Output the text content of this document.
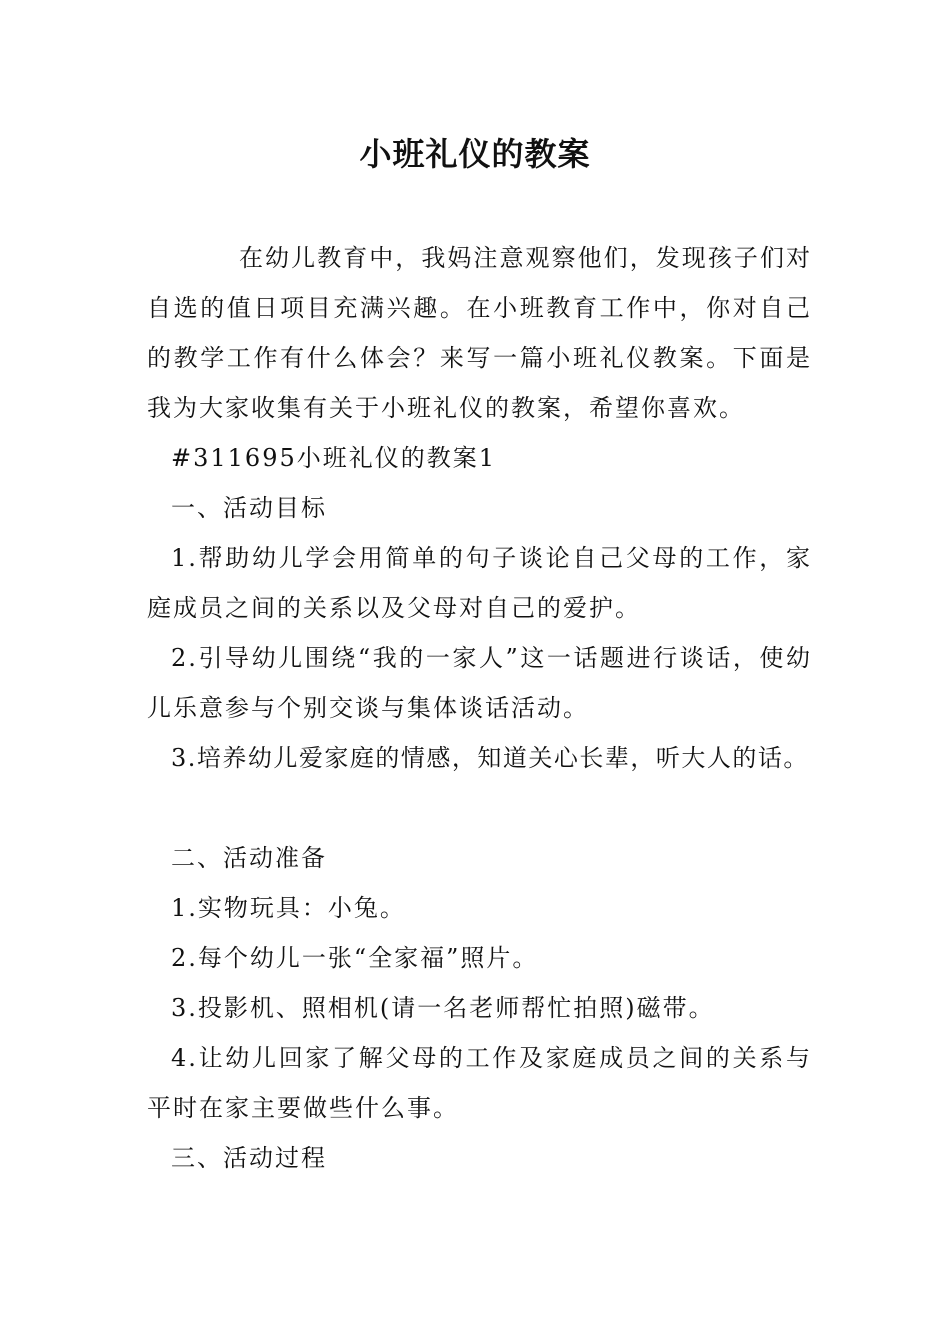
小班礼仪的教案

在幼儿教育中，我妈注意观察他们，发现孩子们对自选的值日项目充满兴趣。在小班教育工作中，你对自己的教学工作有什么体会？来写一篇小班礼仪教案。下面是我为大家收集有关于小班礼仪的教案，希望你喜欢。

#311695小班礼仪的教案1

一、活动目标

1.帮助幼儿学会用简单的句子谈论自己父母的工作，家庭成员之间的关系以及父母对自己的爱护。

2.引导幼儿围绕“我的一家人”这一话题进行谈话，使幼儿乐意参与个别交谈与集体谈话活动。

3.培养幼儿爱家庭的情感，知道关心长辈，听大人的话。

二、活动准备

1.实物玩具：小兔。

2.每个幼儿一张“全家福”照片。

3.投影机、照相机(请一名老师帮忙拍照)磁带。

4.让幼儿回家了解父母的工作及家庭成员之间的关系与平时在家主要做些什么事。

三、活动过程
